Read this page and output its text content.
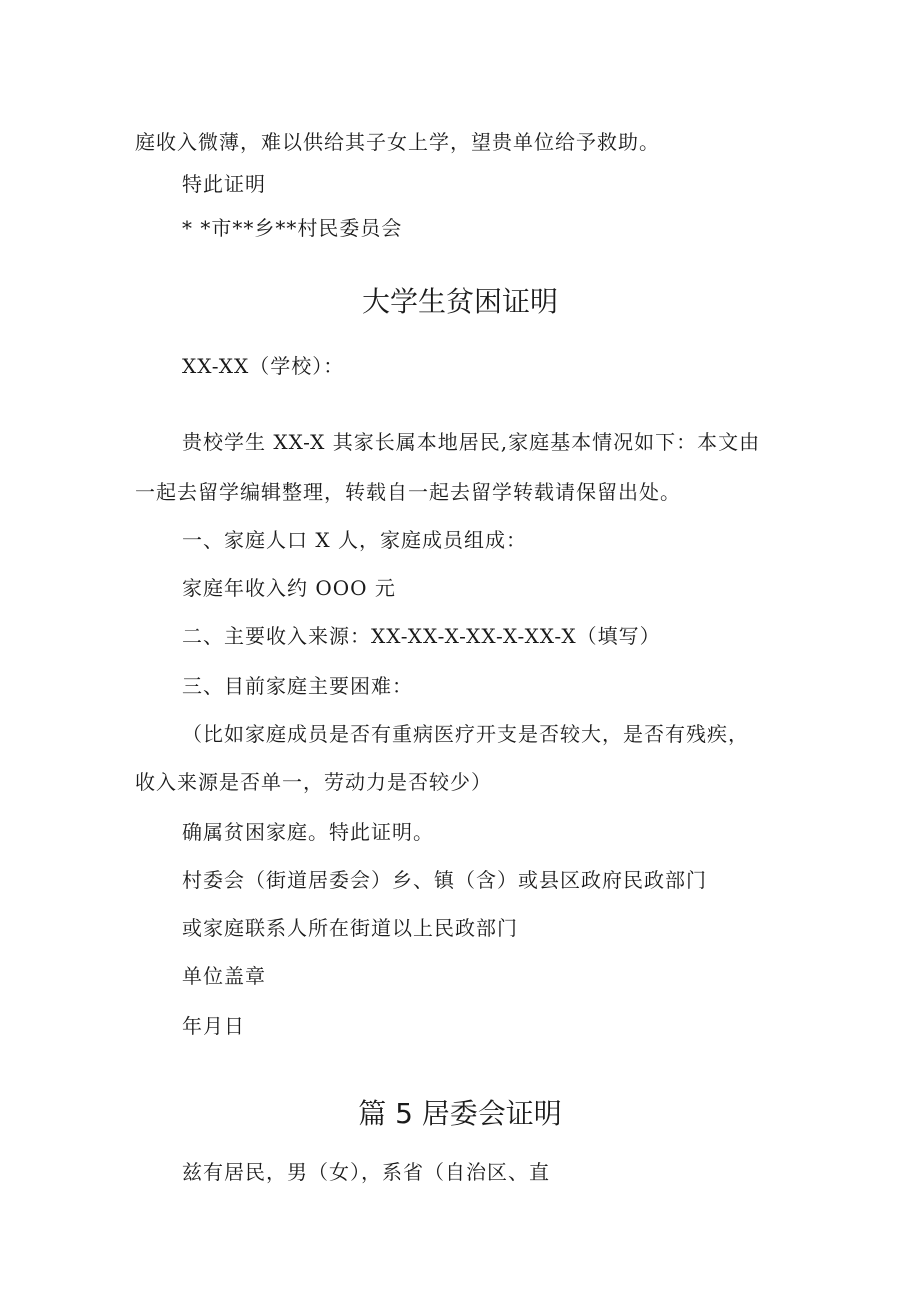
庭收入微薄，难以供给其子女上学，望贵单位给予救助。

特此证明

* *市**乡**村民委员会

大学生贫困证明

XX-XX（学校）：

贵校学生 XX-X 其家长属本地居民,家庭基本情况如下：本文由

一起去留学编辑整理，转载自一起去留学转载请保留出处。

一、家庭人口 X 人，家庭成员组成：

家庭年收入约 OOO 元

二、主要收入来源：XX-XX-X-XX-X-XX-X（填写）

三、目前家庭主要困难：

（比如家庭成员是否有重病医疗开支是否较大，是否有残疾，

收入来源是否单一，劳动力是否较少）

确属贫困家庭。特此证明。

村委会（街道居委会）乡、镇（含）或县区政府民政部门

或家庭联系人所在街道以上民政部门

单位盖章

年月日

篇 5 居委会证明

兹有居民，男（女），系省（自治区、直
